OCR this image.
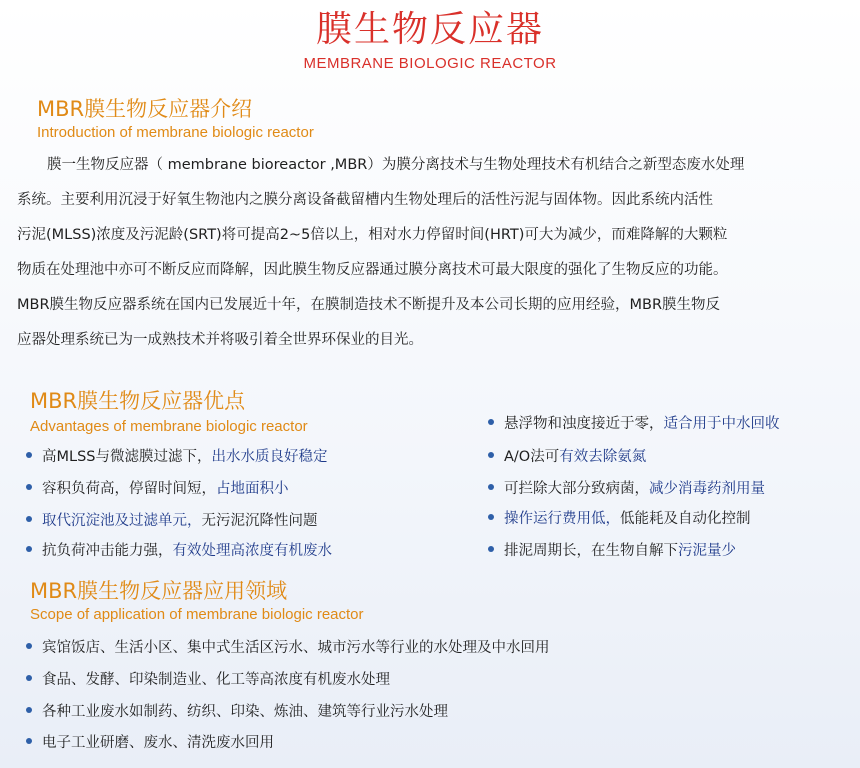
膜生物反应器
MEMBRANE BIOLOGIC REACTOR
MBR膜生物反应器介绍
Introduction of membrane biologic reactor
膜一生物反应器（ membrane bioreactor ,MBR）为膜分离技术与生物处理技术有机结合之新型态废水处理
系统。主要利用沉浸于好氧生物池内之膜分离设备截留槽内生物处理后的活性污泥与固体物。因此系统内活性
污泥(MLSS)浓度及污泥龄(SRT)将可提高2~5倍以上，相对水力停留时间(HRT)可大为减少，而难降解的大颗粒
物质在处理池中亦可不断反应而降解，因此膜生物反应器通过膜分离技术可最大限度的强化了生物反应的功能。
MBR膜生物反应器系统在国内已发展近十年，在膜制造技术不断提升及本公司长期的应用经验，MBR膜生物反
应器处理系统已为一成熟技术并将吸引着全世界环保业的目光。
MBR膜生物反应器优点
Advantages of membrane biologic reactor
高MLSS与微滤膜过滤下，出水水质良好稳定
容积负荷高，停留时间短，占地面积小
取代沉淀池及过滤单元，无污泥沉降性问题
抗负荷冲击能力强，有效处理高浓度有机废水
悬浮物和浊度接近于零，适合用于中水回收
A/O法可有效去除氨氮
可拦除大部分致病菌，减少消毒药剂用量
操作运行费用低，低能耗及自动化控制
排泥周期长，在生物自解下污泥量少
MBR膜生物反应器应用领域
Scope of application of membrane biologic reactor
宾馆饭店、生活小区、集中式生活区污水、城市污水等行业的水处理及中水回用
食品、发酵、印染制造业、化工等高浓度有机废水处理
各种工业废水如制药、纺织、印染、炼油、建筑等行业污水处理
电子工业研磨、废水、清洗废水回用
